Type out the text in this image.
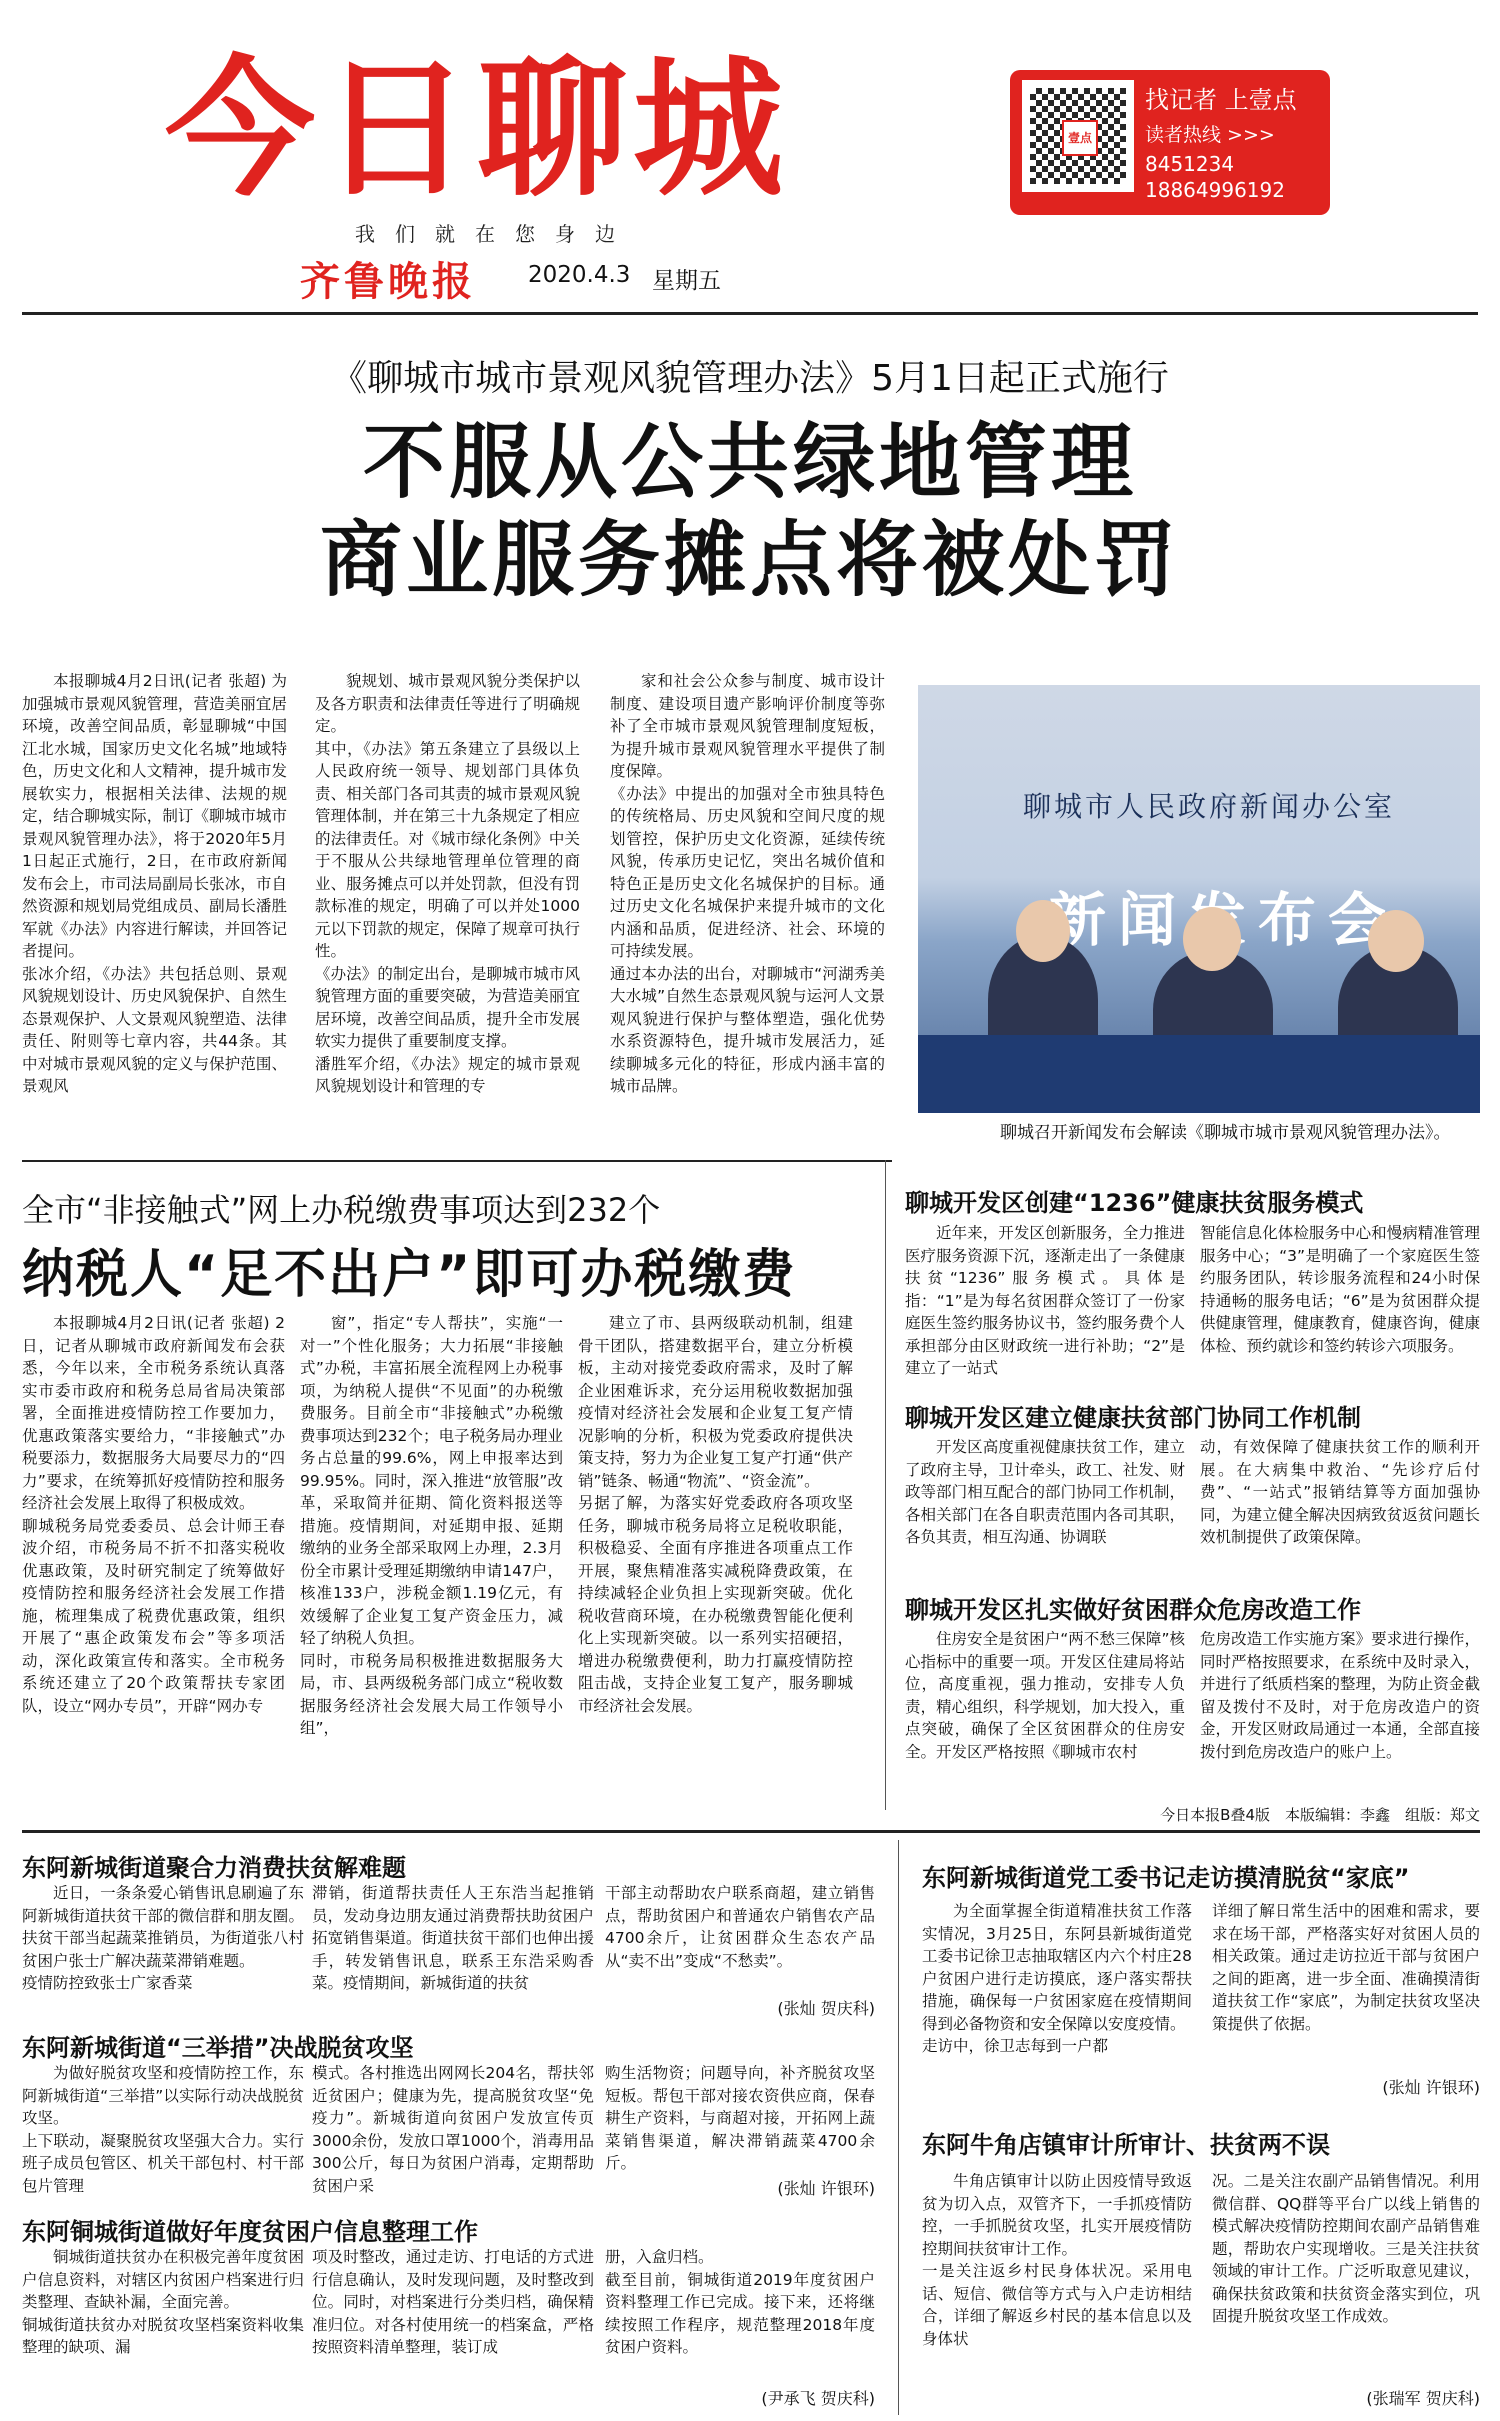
今日聊城
我们就在您身边
齐鲁晚报 2020.4.3 星期五
壹点
找记者 上壹点
读者热线 >>>
8451234
18864996192
《聊城市城市景观风貌管理办法》5月1日起正式施行
不服从公共绿地管理
商业服务摊点将被处罚
本报聊城4月2日讯(记者 张超) 为加强城市景观风貌管理，营造美丽宜居环境，改善空间品质，彰显聊城“中国江北水城，国家历史文化名城”地域特色，历史文化和人文精神，提升城市发展软实力，根据相关法律、法规的规定，结合聊城实际，制订《聊城市城市景观风貌管理办法》，将于2020年5月1日起正式施行，2日，在市政府新闻发布会上，市司法局副局长张冰，市自然资源和规划局党组成员、副局长潘胜军就《办法》内容进行解读，并回答记者提问。
张冰介绍，《办法》共包括总则、景观风貌规划设计、历史风貌保护、自然生态景观保护、人文景观风貌塑造、法律责任、附则等七章内容，共44条。其中对城市景观风貌的定义与保护范围、景观风
貌规划、城市景观风貌分类保护以及各方职责和法律责任等进行了明确规定。
其中，《办法》第五条建立了县级以上人民政府统一领导、规划部门具体负责、相关部门各司其责的城市景观风貌管理体制，并在第三十九条规定了相应的法律责任。对《城市绿化条例》中关于不服从公共绿地管理单位管理的商业、服务摊点可以并处罚款，但没有罚款标准的规定，明确了可以并处1000元以下罚款的规定，保障了规章可执行性。
《办法》的制定出台，是聊城市城市风貌管理方面的重要突破，为营造美丽宜居环境，改善空间品质，提升全市发展软实力提供了重要制度支撑。
潘胜军介绍，《办法》规定的城市景观风貌规划设计和管理的专
家和社会公众参与制度、城市设计制度、建设项目遗产影响评价制度等弥补了全市城市景观风貌管理制度短板，为提升城市景观风貌管理水平提供了制度保障。
《办法》中提出的加强对全市独具特色的传统格局、历史风貌和空间尺度的规划管控，保护历史文化资源，延续传统风貌，传承历史记忆，突出名城价值和特色正是历史文化名城保护的目标。通过历史文化名城保护来提升城市的文化内涵和品质，促进经济、社会、环境的可持续发展。
通过本办法的出台，对聊城市“河湖秀美大水城”自然生态景观风貌与运河人文景观风貌进行保护与整体塑造，强化优势水系资源特色，提升城市发展活力，延续聊城多元化的特征，形成内涵丰富的城市品牌。
聊城市人民政府新闻办公室
聊城召开新闻发布会解读《聊城市城市景观风貌管理办法》。
全市“非接触式”网上办税缴费事项达到232个
纳税人“足不出户”即可办税缴费
本报聊城4月2日讯(记者 张超) 2日，记者从聊城市政府新闻发布会获悉，今年以来，全市税务系统认真落实市委市政府和税务总局省局决策部署，全面推进疫情防控工作要加力，优惠政策落实要给力，“非接触式”办税要添力，数据服务大局要尽力的“四力”要求，在统筹抓好疫情防控和服务经济社会发展上取得了积极成效。
聊城税务局党委委员、总会计师王春波介绍，市税务局不折不扣落实税收优惠政策，及时研究制定了统筹做好疫情防控和服务经济社会发展工作措施，梳理集成了税费优惠政策，组织开展了“惠企政策发布会”等多项活动，深化政策宣传和落实。全市税务系统还建立了20个政策帮扶专家团队，设立“网办专员”，开辟“网办专
窗”，指定“专人帮扶”，实施“一对一”个性化服务；大力拓展“非接触式”办税，丰富拓展全流程网上办税事项，为纳税人提供“不见面”的办税缴费服务。目前全市“非接触式”办税缴费事项达到232个；电子税务局办理业务占总量的99.6%，网上申报率达到99.95%。同时，深入推进“放管服”改革，采取简并征期、简化资料报送等措施。疫情期间，对延期申报、延期缴纳的业务全部采取网上办理，2.3月份全市累计受理延期缴纳申请147户，核准133户，涉税金额1.19亿元，有效缓解了企业复工复产资金压力，减轻了纳税人负担。
同时，市税务局积极推进数据服务大局，市、县两级税务部门成立“税收数据服务经济社会发展大局工作领导小组”，
建立了市、县两级联动机制，组建骨干团队，搭建数据平台，建立分析模板，主动对接党委政府需求，及时了解企业困难诉求，充分运用税收数据加强疫情对经济社会发展和企业复工复产情况影响的分析，积极为党委政府提供决策支持，努力为企业复工复产打通“供产销”链条、畅通“物流”、“资金流”。
另据了解，为落实好党委政府各项攻坚任务，聊城市税务局将立足税收职能，积极稳妥、全面有序推进各项重点工作开展，聚焦精准落实减税降费政策，在持续减轻企业负担上实现新突破。优化税收营商环境，在办税缴费智能化便利化上实现新突破。以一系列实招硬招，增进办税缴费便利，助力打赢疫情防控阻击战，支持企业复工复产，服务聊城市经济社会发展。
聊城开发区创建“1236”健康扶贫服务模式
近年来，开发区创新服务，全力推进医疗服务资源下沉，逐渐走出了一条健康扶贫“1236”服务模式。具体是指：“1”是为每名贫困群众签订了一份家庭医生签约服务协议书，签约服务费个人承担部分由区财政统一进行补助；“2”是建立了一站式
智能信息化体检服务中心和慢病精准管理服务中心；“3”是明确了一个家庭医生签约服务团队，转诊服务流程和24小时保持通畅的服务电话；“6”是为贫困群众提供健康管理，健康教育，健康咨询，健康体检、预约就诊和签约转诊六项服务。
聊城开发区建立健康扶贫部门协同工作机制
开发区高度重视健康扶贫工作，建立了政府主导，卫计牵头，政工、社发、财政等部门相互配合的部门协同工作机制，各相关部门在各自职责范围内各司其职，各负其责，相互沟通、协调联
动，有效保障了健康扶贫工作的顺利开展。在大病集中救治、“先诊疗后付费”、“一站式”报销结算等方面加强协同，为建立健全解决因病致贫返贫问题长效机制提供了政策保障。
聊城开发区扎实做好贫困群众危房改造工作
住房安全是贫困户“两不愁三保障”核心指标中的重要一项。开发区住建局将站位，高度重视，强力推动，安排专人负责，精心组织，科学规划，加大投入，重点突破，确保了全区贫困群众的住房安全。开发区严格按照《聊城市农村
危房改造工作实施方案》要求进行操作，同时严格按照要求，在系统中及时录入，并进行了纸质档案的整理，为防止资金截留及拨付不及时，对于危房改造户的资金，开发区财政局通过一本通，全部直接拨付到危房改造户的账户上。
今日本报B叠4版　本版编辑：李鑫　组版：郑文
东阿新城街道聚合力消费扶贫解难题
近日，一条条爱心销售讯息刷遍了东阿新城街道扶贫干部的微信群和朋友圈。扶贫干部当起蔬菜推销员，为街道张八村贫困户张士广解决蔬菜滞销难题。
疫情防控致张士广家香菜
滞销，街道帮扶责任人王东浩当起推销员，发动身边朋友通过消费帮扶助贫困户拓宽销售渠道。街道扶贫干部们也伸出援手，转发销售讯息，联系王东浩采购香菜。疫情期间，新城街道的扶贫
干部主动帮助农户联系商超，建立销售点，帮助贫困户和普通农户销售农产品4700余斤，让贫困群众生态农产品从“卖不出”变成“不愁卖”。
(张灿 贺庆科)
东阿新城街道“三举措”决战脱贫攻坚
为做好脱贫攻坚和疫情防控工作，东阿新城街道“三举措”以实际行动决战脱贫攻坚。
上下联动，凝聚脱贫攻坚强大合力。实行班子成员包管区、机关干部包村、村干部包片管理
模式。各村推选出网网长204名，帮扶邻近贫困户；健康为先，提高脱贫攻坚“免疫力”。新城街道向贫困户发放宣传页3000余份，发放口罩1000个，消毒用品300公斤，每日为贫困户消毒，定期帮助贫困户采
购生活物资；问题导向，补齐脱贫攻坚短板。帮包干部对接农资供应商，保春耕生产资料，与商超对接，开拓网上蔬菜销售渠道，解决滞销蔬菜4700余斤。
(张灿 许银环)
东阿铜城街道做好年度贫困户信息整理工作
铜城街道扶贫办在积极完善年度贫困户信息资料，对辖区内贫困户档案进行归类整理、查缺补漏，全面完善。
铜城街道扶贫办对脱贫攻坚档案资料收集整理的缺项、漏
项及时整改，通过走访、打电话的方式进行信息确认，及时发现问题，及时整改到位。同时，对档案进行分类归档，确保精准归位。对各村使用统一的档案盒，严格按照资料清单整理，装订成
册，入盒归档。
截至目前，铜城街道2019年度贫困户资料整理工作已完成。接下来，还将继续按照工作程序，规范整理2018年度贫困户资料。
(尹承飞 贺庆科)
东阿新城街道党工委书记走访摸清脱贫“家底”
为全面掌握全街道精准扶贫工作落实情况，3月25日，东阿县新城街道党工委书记徐卫志抽取辖区内六个村庄28户贫困户进行走访摸底，逐户落实帮扶措施，确保每一户贫困家庭在疫情期间得到必备物资和安全保障以安度疫情。
走访中，徐卫志每到一户都
详细了解日常生活中的困难和需求，要求在场干部，严格落实好对贫困人员的相关政策。通过走访拉近干部与贫困户之间的距离，进一步全面、准确摸清街道扶贫工作“家底”，为制定扶贫攻坚决策提供了依据。
(张灿 许银环)
东阿牛角店镇审计所审计、扶贫两不误
牛角店镇审计以防止因疫情导致返贫为切入点，双管齐下，一手抓疫情防控，一手抓脱贫攻坚，扎实开展疫情防控期间扶贫审计工作。
一是关注返乡村民身体状况。采用电话、短信、微信等方式与入户走访相结合，详细了解返乡村民的基本信息以及身体状
况。二是关注农副产品销售情况。利用微信群、QQ群等平台广以线上销售的模式解决疫情防控期间农副产品销售难题，帮助农户实现增收。三是关注扶贫领域的审计工作。广泛听取意见建议，确保扶贫政策和扶贫资金落实到位，巩固提升脱贫攻坚工作成效。
(张瑞军 贺庆科)
